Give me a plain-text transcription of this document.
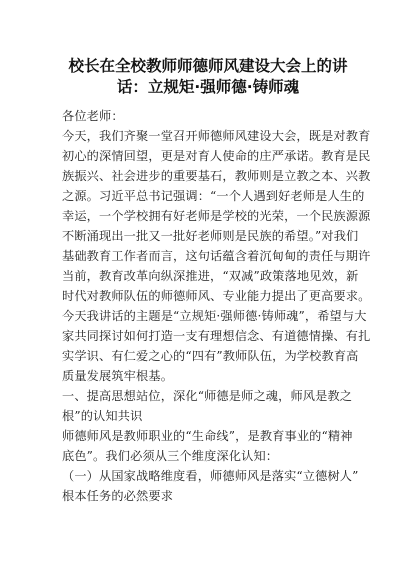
校长在全校教师师德师风建设大会上的讲
话：立规矩·强师德·铸师魂
各位老师：
今天，我们齐聚一堂召开师德师风建设大会，既是对教育
初心的深情回望，更是对育人使命的庄严承诺。教育是民
族振兴、社会进步的重要基石，教师则是立教之本、兴教
之源。习近平总书记强调：“一个人遇到好老师是人生的
幸运，一个学校拥有好老师是学校的光荣，一个民族源源
不断涌现出一批又一批好老师则是民族的希望。”对我们
基础教育工作者而言，这句话蕴含着沉甸甸的责任与期许
当前，教育改革向纵深推进，“双减”政策落地见效，新
时代对教师队伍的师德师风、专业能力提出了更高要求。
今天我讲话的主题是“立规矩·强师德·铸师魂”，希望与大
家共同探讨如何打造一支有理想信念、有道德情操、有扎
实学识、有仁爱之心的“四有”教师队伍，为学校教育高
质量发展筑牢根基。
一、提高思想站位，深化“师德是师之魂，师风是教之
根”的认知共识
师德师风是教师职业的“生命线”，是教育事业的“精神
底色”。我们必须从三个维度深化认知：
（一）从国家战略维度看，师德师风是落实“立德树人”
根本任务的必然要求
